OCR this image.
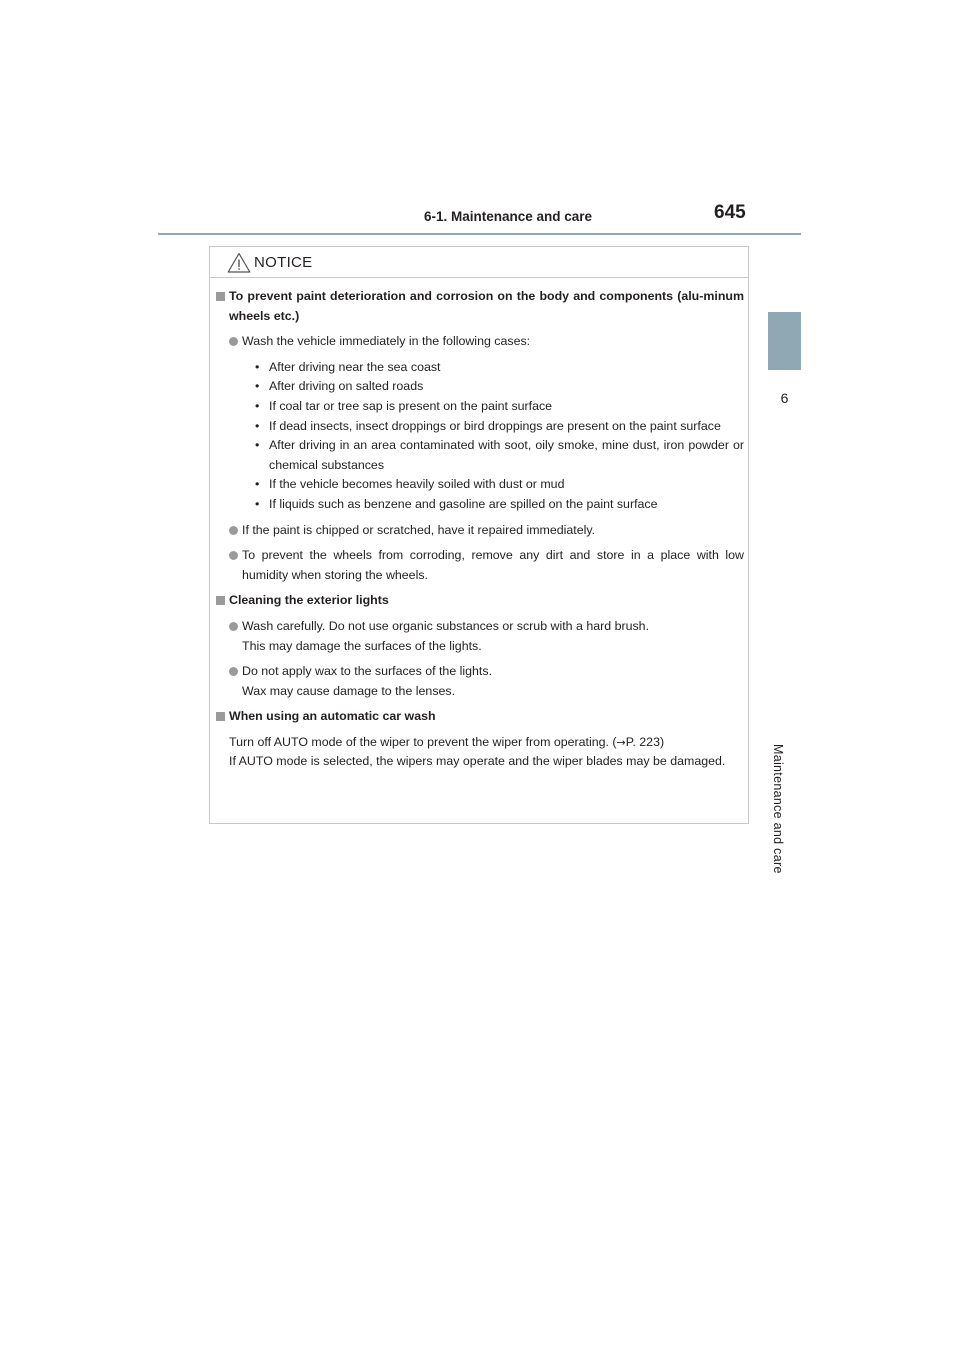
6-1. Maintenance and care	645
6
Maintenance and care
NOTICE
To prevent paint deterioration and corrosion on the body and components (alu-minum wheels etc.)
Wash the vehicle immediately in the following cases:
• After driving near the sea coast
• After driving on salted roads
• If coal tar or tree sap is present on the paint surface
• If dead insects, insect droppings or bird droppings are present on the paint surface
• After driving in an area contaminated with soot, oily smoke, mine dust, iron powder or chemical substances
• If the vehicle becomes heavily soiled with dust or mud
• If liquids such as benzene and gasoline are spilled on the paint surface
If the paint is chipped or scratched, have it repaired immediately.
To prevent the wheels from corroding, remove any dirt and store in a place with low humidity when storing the wheels.
Cleaning the exterior lights
Wash carefully. Do not use organic substances or scrub with a hard brush.
This may damage the surfaces of the lights.
Do not apply wax to the surfaces of the lights.
Wax may cause damage to the lenses.
When using an automatic car wash
Turn off AUTO mode of the wiper to prevent the wiper from operating. (→P. 223)
If AUTO mode is selected, the wipers may operate and the wiper blades may be damaged.
